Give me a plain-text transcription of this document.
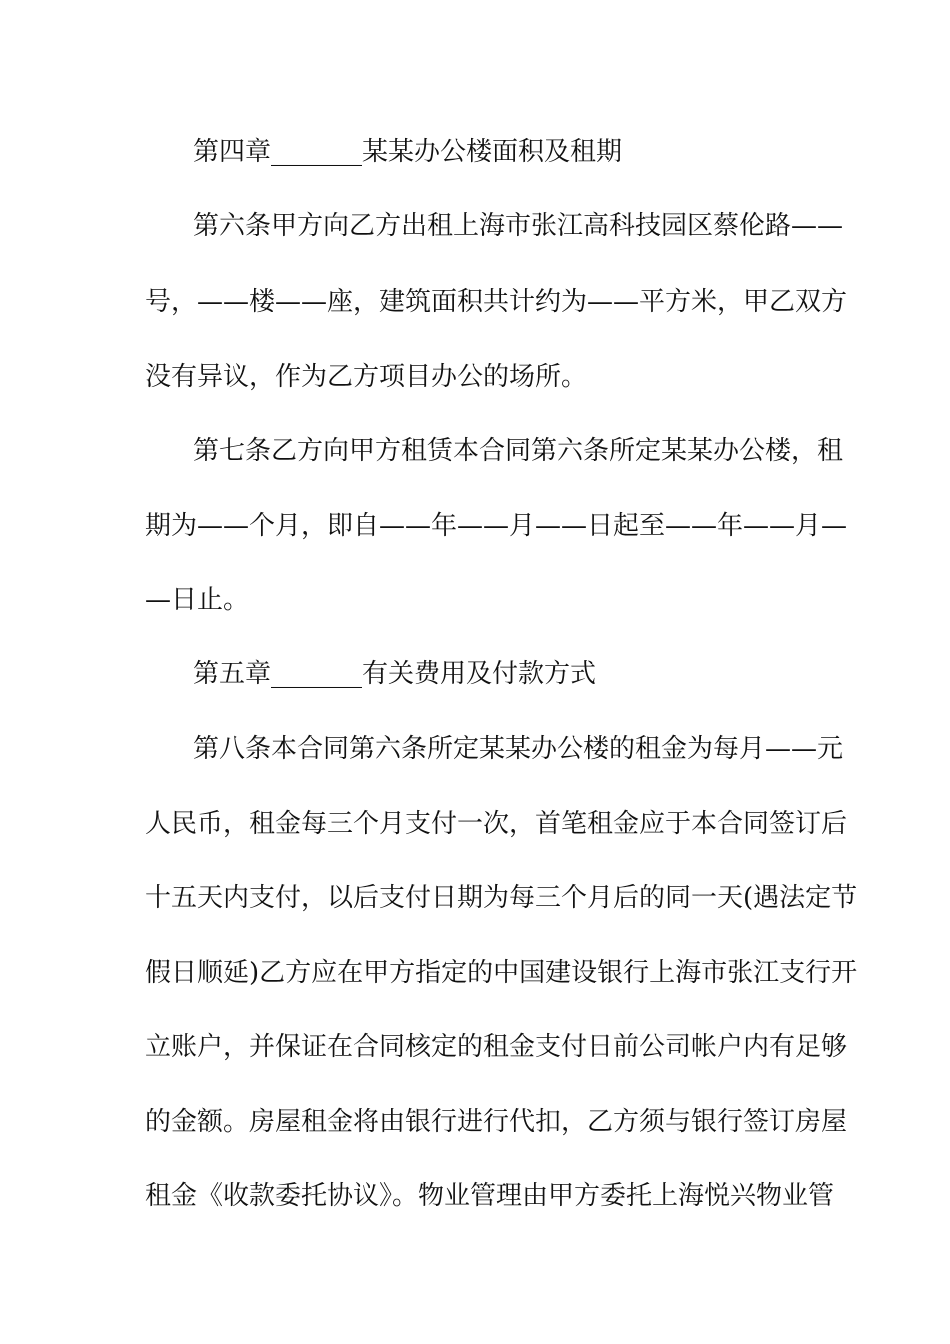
第四章_______某某办公楼面积及租期
第六条甲方向乙方出租上海市张江高科技园区蔡伦路——
号，——楼——座，建筑面积共计约为——平方米，甲乙双方
没有异议，作为乙方项目办公的场所。
第七条乙方向甲方租赁本合同第六条所定某某办公楼，租
期为——个月，即自——年——月——日起至——年——月—
—日止。
第五章_______有关费用及付款方式
第八条本合同第六条所定某某办公楼的租金为每月——元
人民币，租金每三个月支付一次，首笔租金应于本合同签订后
十五天内支付，以后支付日期为每三个月后的同一天(遇法定节
假日顺延)乙方应在甲方指定的中国建设银行上海市张江支行开
立账户，并保证在合同核定的租金支付日前公司帐户内有足够
的金额。房屋租金将由银行进行代扣，乙方须与银行签订房屋
租金《收款委托协议》。物业管理由甲方委托上海悦兴物业管
